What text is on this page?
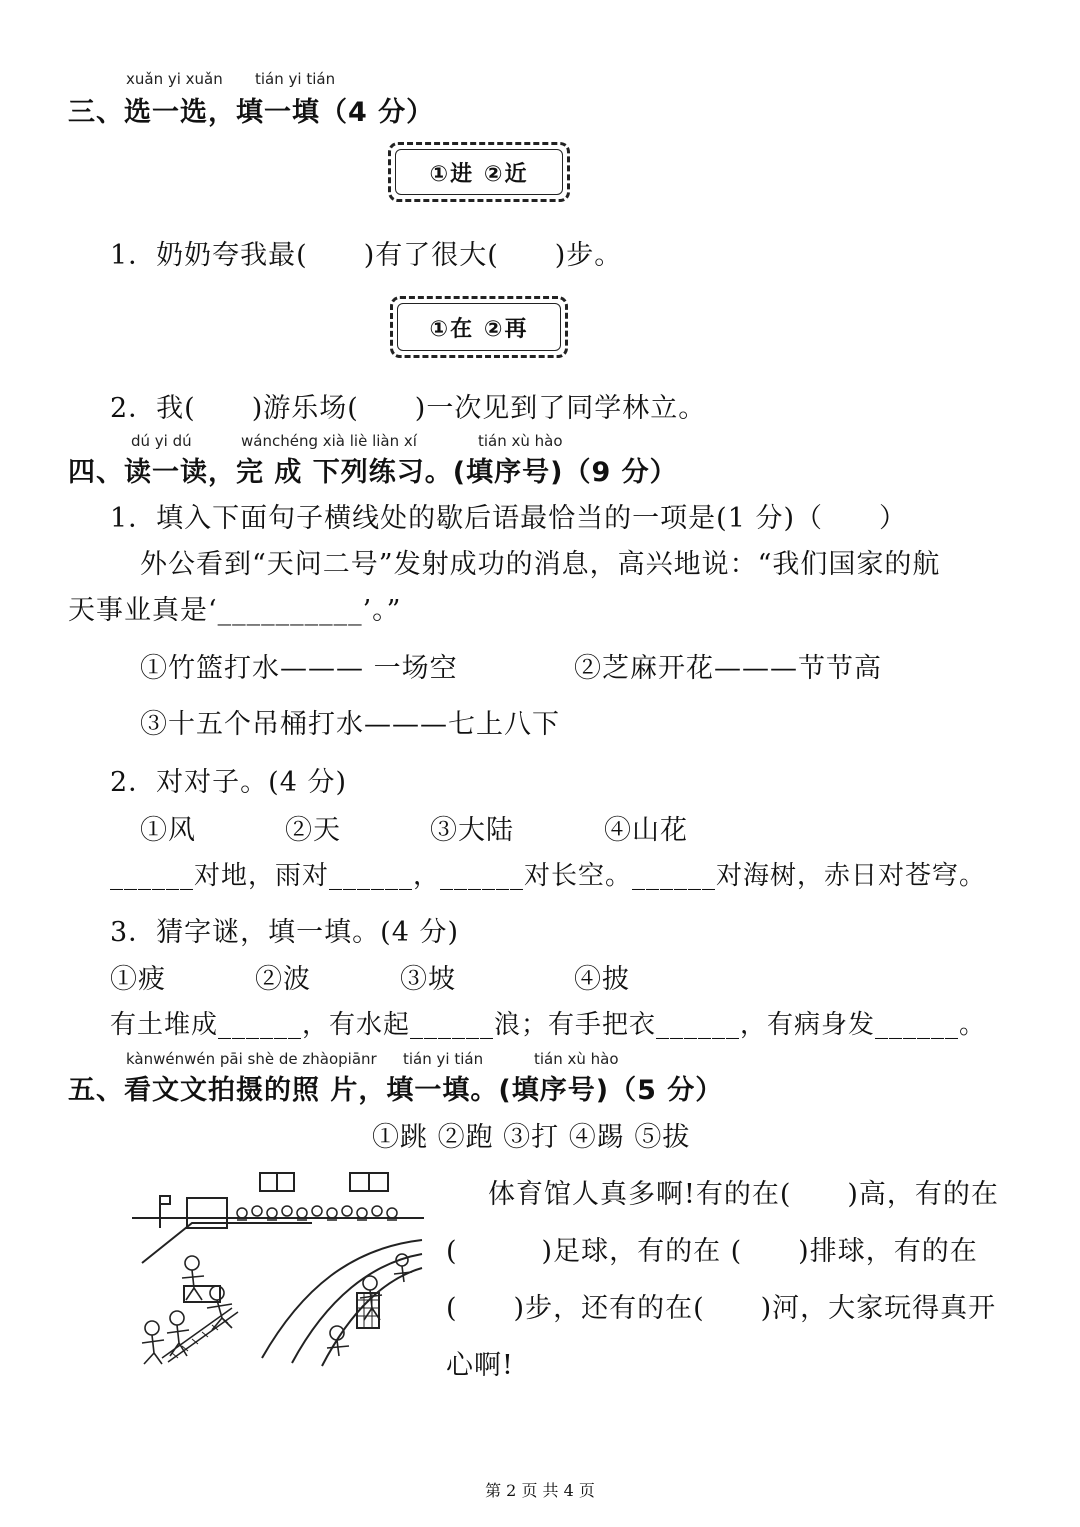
xuǎn yi xuǎn tián yi tián
三、选一选，填一填（4 分）
①进 ②近
1．奶奶夸我最(　　)有了很大(　　)步。
①在 ②再
2．我(　　)游乐场(　　)一次见到了同学林立。
dú yi dú	wánchéng xià liè liàn xí	tián xù hào
四、读一读，完 成 下列练习。(填序号)（9 分）
1．填入下面句子横线处的歇后语最恰当的一项是(1 分)（　　）
外公看到“天问二号”发射成功的消息，高兴地说：“我们国家的航
天事业真是‘__________’。”
①竹篮打水——— 一场空	②芝麻开花———节节高
③十五个吊桶打水———七上八下
2．对对子。(4 分)
①风	②天	③大陆	④山花
______对地，雨对______，______对长空。______对海树，赤日对苍穹。
3．猜字谜，填一填。(4 分)
①疲	②波	③坡	④披
有土堆成______，有水起______浪；有手把衣______，有病身发______。
kànwénwén pāi shè de zhàopiānr tián yi tián	tián xù hào
五、看文文拍摄的照 片，填一填。(填序号)（5 分）
①跳 ②跑 ③打 ④踢 ⑤拔
体育馆人真多啊!有的在(　　)高，有的在
(　　　)足球，有的在 (　　)排球，有的在
(　　)步，还有的在(　　)河，大家玩得真开
心啊!
第 2 页 共 4 页
